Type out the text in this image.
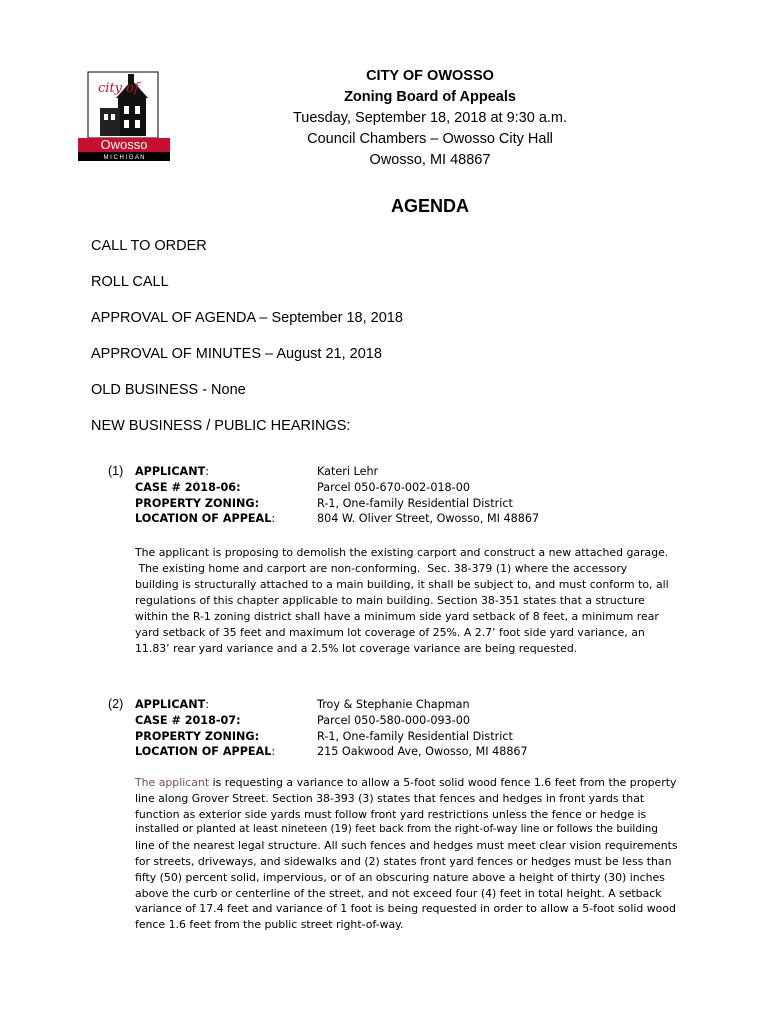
city of
Owosso
M I C H I G A N
CITY OF OWOSSO
Zoning Board of Appeals
Tuesday, September 18, 2018 at 9:30 a.m.
Council Chambers – Owosso City Hall
Owosso, MI 48867
AGENDA
CALL TO ORDER
ROLL CALL
APPROVAL OF AGENDA – September 18, 2018
APPROVAL OF MINUTES – August 21, 2018
OLD BUSINESS - None
NEW BUSINESS / PUBLIC HEARINGS:
(1) APPLICANT:	Kateri Lehr
CASE # 2018-06:	Parcel 050-670-002-018-00
PROPERTY ZONING:	R-1, One-family Residential District
LOCATION OF APPEAL:	804 W. Oliver Street, Owosso, MI 48867
The applicant is proposing to demolish the existing carport and construct a new attached garage.
The existing home and carport are non-conforming.  Sec. 38-379 (1) where the accessory
building is structurally attached to a main building, it shall be subject to, and must conform to, all
regulations of this chapter applicable to main building. Section 38-351 states that a structure
within the R-1 zoning district shall have a minimum side yard setback of 8 feet, a minimum rear
yard setback of 35 feet and maximum lot coverage of 25%. A 2.7’ foot side yard variance, an
11.83’ rear yard variance and a 2.5% lot coverage variance are being requested.
(2) APPLICANT:	Troy & Stephanie Chapman
CASE # 2018-07:	Parcel 050-580-000-093-00
PROPERTY ZONING:	R-1, One-family Residential District
LOCATION OF APPEAL:	215 Oakwood Ave, Owosso, MI 48867
The applicant is requesting a variance to allow a 5-foot solid wood fence 1.6 feet from the property
line along Grover Street. Section 38-393 (3) states that fences and hedges in front yards that
function as exterior side yards must follow front yard restrictions unless the fence or hedge is
installed or planted at least nineteen (19) feet back from the right-of-way line or follows the building
line of the nearest legal structure. All such fences and hedges must meet clear vision requirements
for streets, driveways, and sidewalks and (2) states front yard fences or hedges must be less than
fifty (50) percent solid, impervious, or of an obscuring nature above a height of thirty (30) inches
above the curb or centerline of the street, and not exceed four (4) feet in total height. A setback
variance of 17.4 feet and variance of 1 foot is being requested in order to allow a 5-foot solid wood
fence 1.6 feet from the public street right-of-way.
